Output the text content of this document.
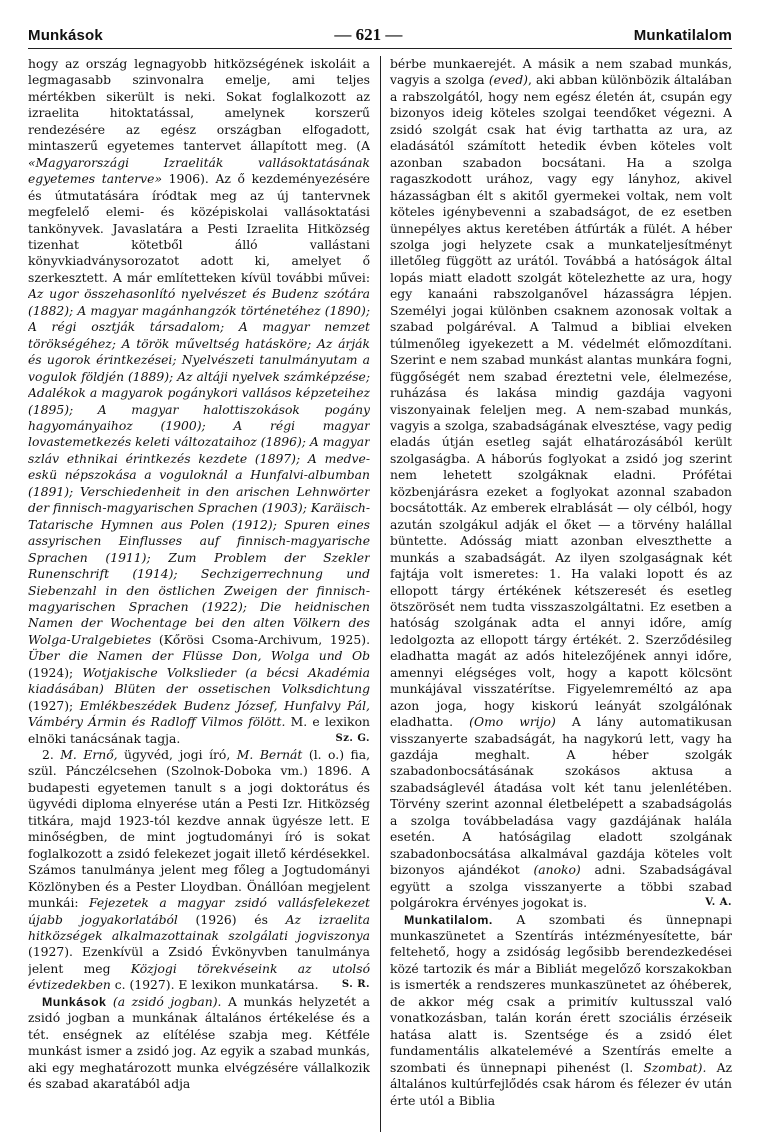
Munkások	— 621 —	Munkatilalom

hogy az ország legnagyobb hitközségének iskoláit a legmagasabb szinvonalra emelje, ami teljes mértékben sikerült is neki. Sokat foglalkozott az izraelita hitoktatással, amelynek korszerű rendezésére az egész országban elfogadott, mintaszerű egyetemes tantervet állapított meg. (A «Magyarországi Izraeliták vallásoktatásának egyetemes tanterve» 1906). Az ő kezdeményezésére és útmutatására íródtak meg az új tantervnek megfelelő elemi- és középiskolai vallásoktatási tankönyvek. Javaslatára a Pesti Izraelita Hitközség tizenhat kötetből álló vallástani könyvkiadványsorozatot adott ki, amelyet ő szerkesztett. A már említetteken kívül további művei: Az ugor összehasonlító nyelvészet és Budenz szótára (1882); A magyar magánhangzók történetéhez (1890); A régi osztják társadalom; A magyar nemzet törökségéhez; A török műveltség hatásköre; Az árják és ugorok érintkezései; Nyelvészeti tanulmányutam a vogulok földjén (1889); Az altáji nyelvek számképzése; Adalékok a magyarok pogánykori vallásos képzeteihez (1895); A magyar halottiszokások pogány hagyományaihoz (1900); A régi magyar lovastemetkezés keleti változataihoz (1896); A magyar szláv ethnikai érintkezés kezdete (1897); A medve-eskü népszokása a voguloknál a Hunfalvi-albumban (1891); Verschiedenheit in den arischen Lehnwörter der finnisch-magyarischen Sprachen (1903); Karäisch-Tatarische Hymnen aus Polen (1912); Spuren eines assyrischen Einflusses auf finnisch-magyarische Sprachen (1911); Zum Problem der Szekler Runenschrift (1914); Sechzigerrechnung und Siebenzahl in den östlichen Zweigen der finnisch-magyarischen Sprachen (1922); Die heidnischen Namen der Wochentage bei den alten Völkern des Wolga-Uralgebietes (Kőrösi Csoma-Archivum, 1925). Über die Namen der Flüsse Don, Wolga und Ob (1924); Wotjakische Volkslieder (a bécsi Akadémia kiadásában) Blüten der ossetischen Volksdichtung (1927); Emlékbeszédek Budenz József, Hunfalvy Pál, Vámbéry Ármin és Radloff Vilmos fölött. M. e lexikon elnöki tanácsának tagja.	Sz. G.

2. M. Ernő, ügyvéd, jogi író, M. Bernát (l. o.) fia, szül. Pánczélcsehen (Szolnok-Doboka vm.) 1896. A budapesti egyetemen tanult s a jogi doktorátus és ügyvédi diploma elnyerése után a Pesti Izr. Hitközség titkára, majd 1923-tól kezdve annak ügyésze lett. E minőségben, de mint jogtudományi író is sokat foglalkozott a zsidó felekezet jogait illető kérdésekkel. Számos tanulmánya jelent meg főleg a Jogtudományi Közlönyben és a Pester Lloydban. Önállóan megjelent munkái: Fejezetek a magyar zsidó vallásfelekezet újabb jogyakorlatából (1926) és Az izraelita hitközségek alkalmazottainak szolgálati jogviszonya (1927). Ezenkívül a Zsidó Évkönyvben tanulmánya jelent meg Közjogi törekvéseink az utolsó évtizedekben c. (1927). E lexikon munkatársa.	S. R.

Munkások (a zsidó jogban). A munkás helyzetét a zsidó jogban a munkának általános értékelése és a tét. enségnek az elítélése szabja meg. Kétféle munkást ismer a zsidó jog. Az egyik a szabad munkás, aki egy meghatározott munka elvégzésére vállalkozik és szabad akaratából adja

bérbe munkaerejét. A másik a nem szabad munkás, vagyis a szolga (eved), aki abban különbözik általában a rabszolgától, hogy nem egész életén át, csupán egy bizonyos ideig köteles szolgai teendőket végezni. A zsidó szolgát csak hat évig tarthatta az ura, az eladásától számított hetedik évben köteles volt azonban szabadon bocsátani. Ha a szolga ragaszkodott urához, vagy egy lányhoz, akivel házasságban élt s akitől gyermekei voltak, nem volt köteles igénybevenni a szabadságot, de ez esetben ünnepélyes aktus keretében átfúrták a fülét. A héber szolga jogi helyzete csak a munkateljesítményt illetőleg függött az urától. Továbbá a hatóságok által lopás miatt eladott szolgát kötelezhette az ura, hogy egy kanaáni rabszolganővel házasságra lépjen. Személyi jogai különben csaknem azonosak voltak a szabad polgáréval. A Talmud a bibliai elveken túlmenőleg igyekezett a M. védelmét előmozdítani. Szerint e nem szabad munkást alantas munkára fogni, függőségét nem szabad éreztetni vele, élelmezése, ruházása és lakása mindig gazdája vagyoni viszonyainak feleljen meg. A nem-szabad munkás, vagyis a szolga, szabadságának elvesztése, vagy pedig eladás útján esetleg saját elhatározásából került szolgaságba. A háborús foglyokat a zsidó jog szerint nem lehetett szolgáknak eladni. Prófétai közbenjárásra ezeket a foglyokat azonnal szabadon bocsátották. Az emberek elrablását — oly célból, hogy azután szolgákul adják el őket — a törvény halállal büntette. Adósság miatt azonban elveszthette a munkás a szabadságát. Az ilyen szolgaságnak két fajtája volt ismeretes: 1. Ha valaki lopott és az ellopott tárgy értékének kétszeresét és esetleg ötszörösét nem tudta visszaszolgáltatni. Ez esetben a hatóság szolgának adta el annyi időre, amíg ledolgozta az ellopott tárgy értékét. 2. Szerződésileg eladhatta magát az adós hitelezőjének annyi időre, amennyi elégséges volt, hogy a kapott kölcsönt munkájával visszatérítse. Figyelemreméltó az apa azon joga, hogy kiskorú leányát szolgálónak eladhatta. (Omo wrijo) A lány automatikusan visszanyerte szabadságát, ha nagykorú lett, vagy ha gazdája meghalt. A héber szolgák szabadonbocsátásának szokásos aktusa a szabadságlevél átadása volt két tanu jelenlétében. Törvény szerint azonnal életbelépett a szabadságolás a szolga továbbeladása vagy gazdájának halála esetén. A hatóságilag eladott szolgának szabadonbocsátása alkalmával gazdája köteles volt bizonyos ajándékot (anoko) adni. Szabadságával együtt a szolga visszanyerte a többi szabad polgárokra érvényes jogokat is.	V. A.

Munkatilalom. A szombati és ünnepnapi munkaszünetet a Szentírás intézményesítette, bár feltehető, hogy a zsidóság legősibb berendezkedései közé tartozik és már a Bibliát megelőző korszakokban is ismerték a rendszeres munkaszünetet az óhéberek, de akkor még csak a primitív kultusszal való vonatkozásban, talán korán érett szociális érzéseik hatása alatt is. Szentsége és a zsidó élet fundamentális alkatelemévé a Szentírás emelte a szombati és ünnepnapi pihenést (l. Szombat). Az általános kultúrfejlődés csak három és félezer év után érte utól a Biblia
